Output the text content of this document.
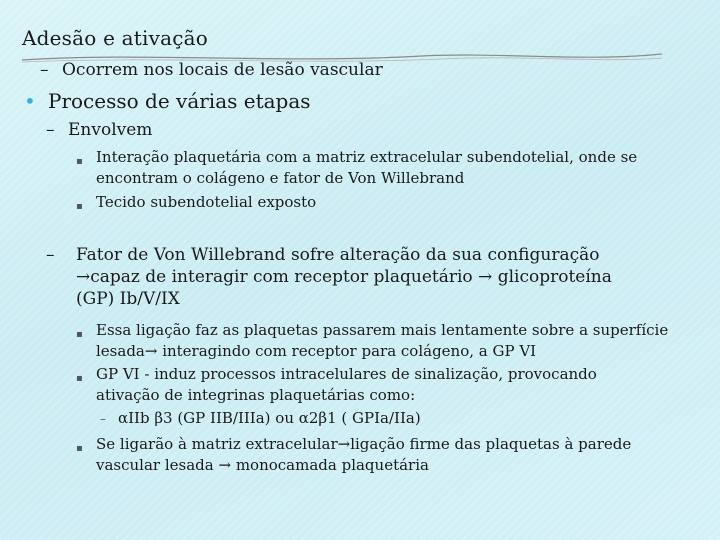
Adesão e ativação
– Ocorrem nos locais de lesão vascular
• Processo de várias etapas
– Envolvem
▪ Interação plaquetária com a matriz extracelular subendotelial, onde se
encontram o colágeno e fator de Von Willebrand
▪ Tecido subendotelial exposto
–	Fator de Von Willebrand sofre alteração da sua configuração
→capaz de interagir com receptor plaquetário → glicoproteína
(GP) Ib/V/IX
▪ Essa ligação faz as plaquetas passarem mais lentamente sobre a superfície
lesada→ interagindo com receptor para colágeno, a GP VI
▪ GP VI - induz processos intracelulares de sinalização, provocando
ativação de integrinas plaquetárias como:
– αIIb β3 (GP IIB/IIIa) ou α2β1 ( GPIa/IIa)
▪ Se ligarão à matriz extracelular→ligação firme das plaquetas à parede
vascular lesada → monocamada plaquetária
